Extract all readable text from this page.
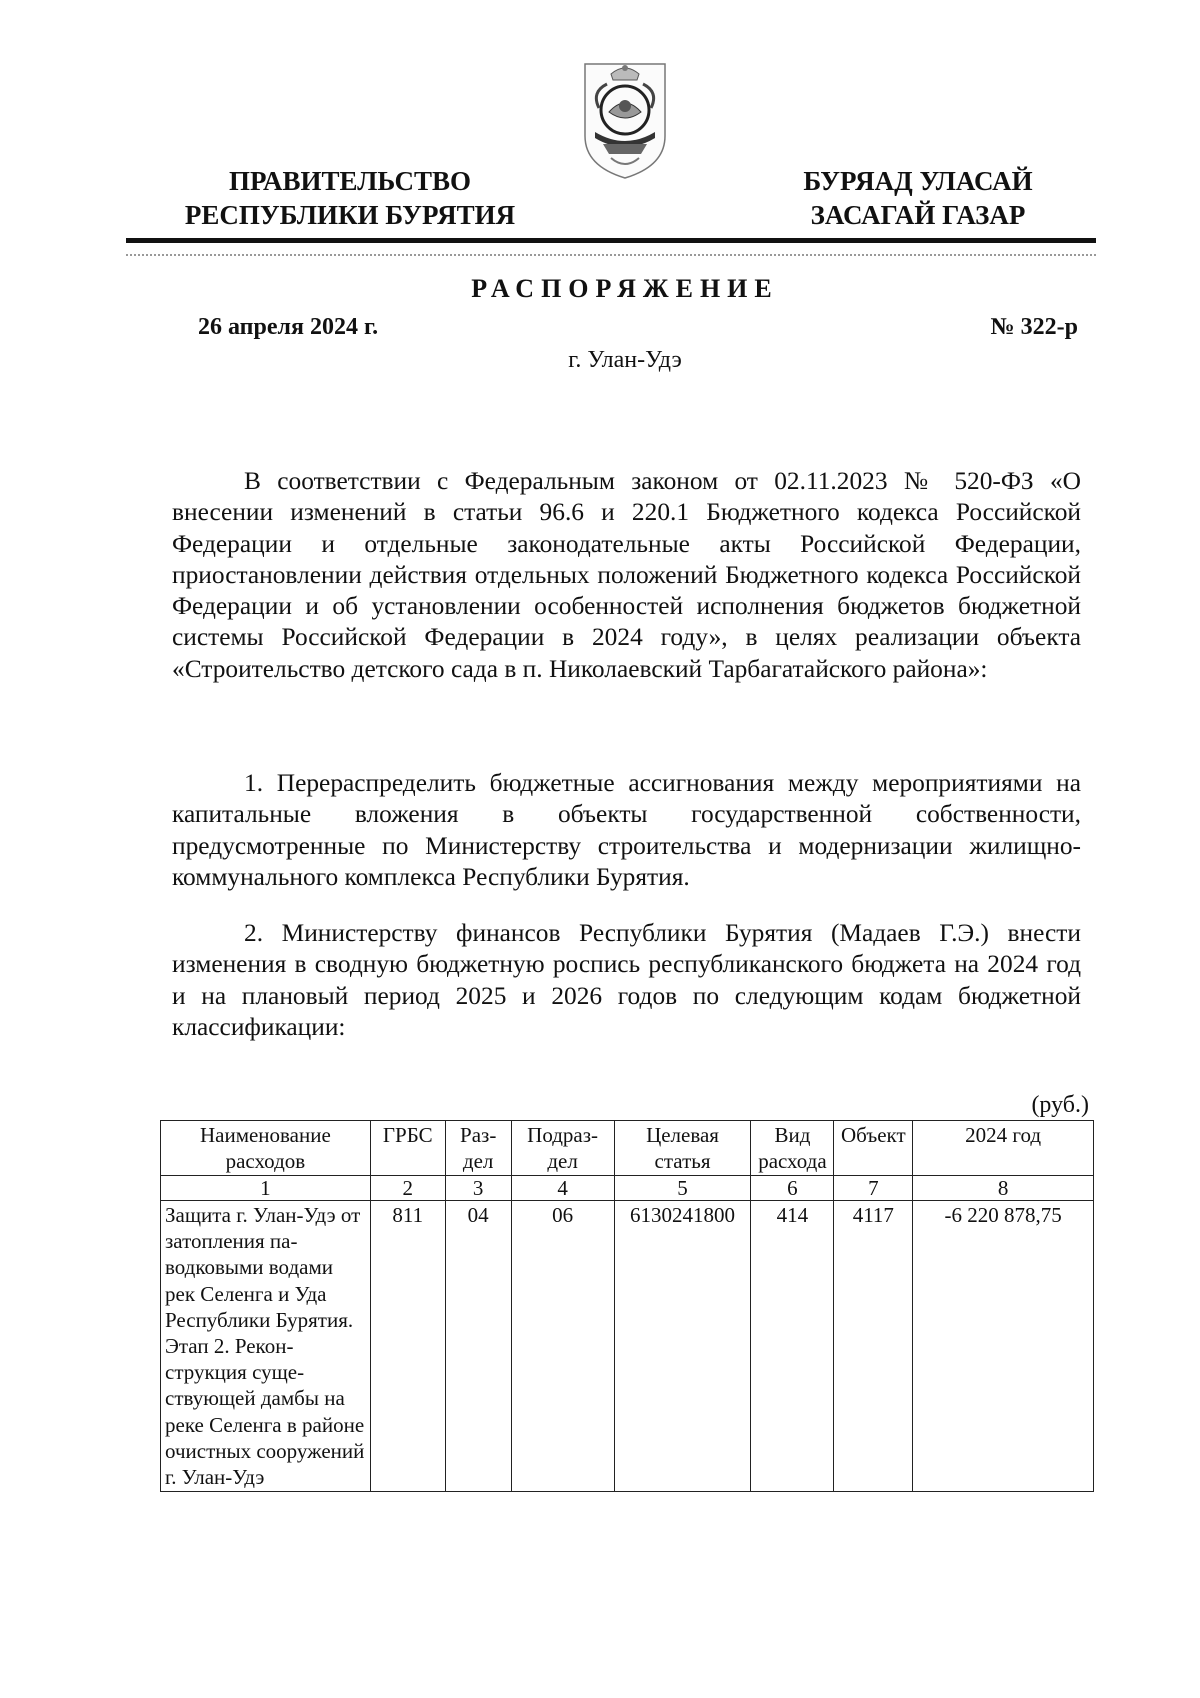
ПРАВИТЕЛЬСТВО
РЕСПУБЛИКИ БУРЯТИЯ
БУРЯАД УЛАСАЙ
ЗАСАГАЙ ГАЗАР
РАСПОРЯЖЕНИЕ
26 апреля 2024 г.	№ 322-р
г. Улан-Удэ

В соответствии с Федеральным законом от 02.11.2023 № 520-ФЗ «О внесении изменений в статьи 96.6 и 220.1 Бюджетного кодекса Российской Федерации и отдельные законодательные акты Российской Федерации, приостановлении действия отдельных положений Бюджетного кодекса Российской Федерации и об установлении особенностей исполнения бюджетов бюджетной системы Российской Федерации в 2024 году», в целях реализации объекта «Строительство детского сада в п. Николаевский Тарбагатайского района»:

1. Перераспределить бюджетные ассигнования между мероприятиями на капитальные вложения в объекты государственной собственности, предусмотренные по Министерству строительства и модернизации жилищно-коммунального комплекса Республики Бурятия.

2. Министерству финансов Республики Бурятия (Мадаев Г.Э.) внести изменения в сводную бюджетную роспись республиканского бюджета на 2024 год и на плановый период 2025 и 2026 годов по следующим кодам бюджетной классификации:

(руб.)
Наименование расходов	ГРБС	Раздел	Подраздел	Целевая статья	Вид расхода	Объект	2024 год
1	2	3	4	5	6	7	8
Защита г. Улан-Удэ от затопления паводковыми водами рек Селенга и Уда Республики Бурятия. Этап 2. Реконструкция существующей дамбы на реке Селенга в районе очистных сооружений г. Улан-Удэ	811	04	06	6130241800	414	4117	-6 220 878,75
